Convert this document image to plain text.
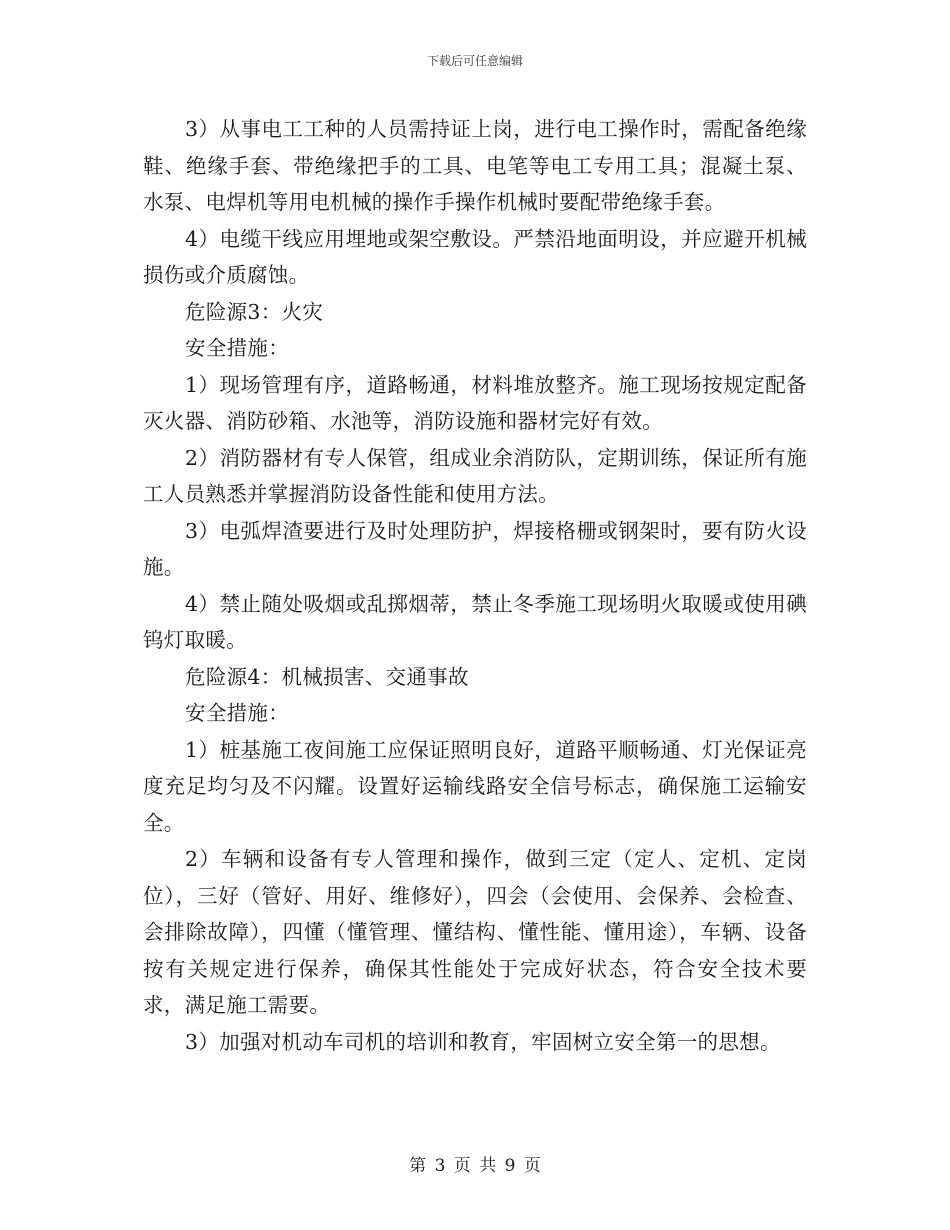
下载后可任意编辑

3）从事电工工种的人员需持证上岗，进行电工操作时，需配备绝缘鞋、绝缘手套、带绝缘把手的工具、电笔等电工专用工具；混凝土泵、水泵、电焊机等用电机械的操作手操作机械时要配带绝缘手套。

4）电缆干线应用埋地或架空敷设。严禁沿地面明设，并应避开机械损伤或介质腐蚀。

危险源3：火灾

安全措施：

1）现场管理有序，道路畅通，材料堆放整齐。施工现场按规定配备灭火器、消防砂箱、水池等，消防设施和器材完好有效。

2）消防器材有专人保管，组成业余消防队，定期训练，保证所有施工人员熟悉并掌握消防设备性能和使用方法。

3）电弧焊渣要进行及时处理防护，焊接格栅或钢架时，要有防火设施。

4）禁止随处吸烟或乱掷烟蒂，禁止冬季施工现场明火取暖或使用碘钨灯取暖。

危险源4：机械损害、交通事故

安全措施：

1）桩基施工夜间施工应保证照明良好，道路平顺畅通、灯光保证亮度充足均匀及不闪耀。设置好运输线路安全信号标志，确保施工运输安全。

2）车辆和设备有专人管理和操作，做到三定（定人、定机、定岗位），三好（管好、用好、维修好），四会（会使用、会保养、会检查、会排除故障），四懂（懂管理、懂结构、懂性能、懂用途），车辆、设备按有关规定进行保养，确保其性能处于完成好状态，符合安全技术要求，满足施工需要。

3）加强对机动车司机的培训和教育，牢固树立安全第一的思想。

第 3 页 共 9 页
